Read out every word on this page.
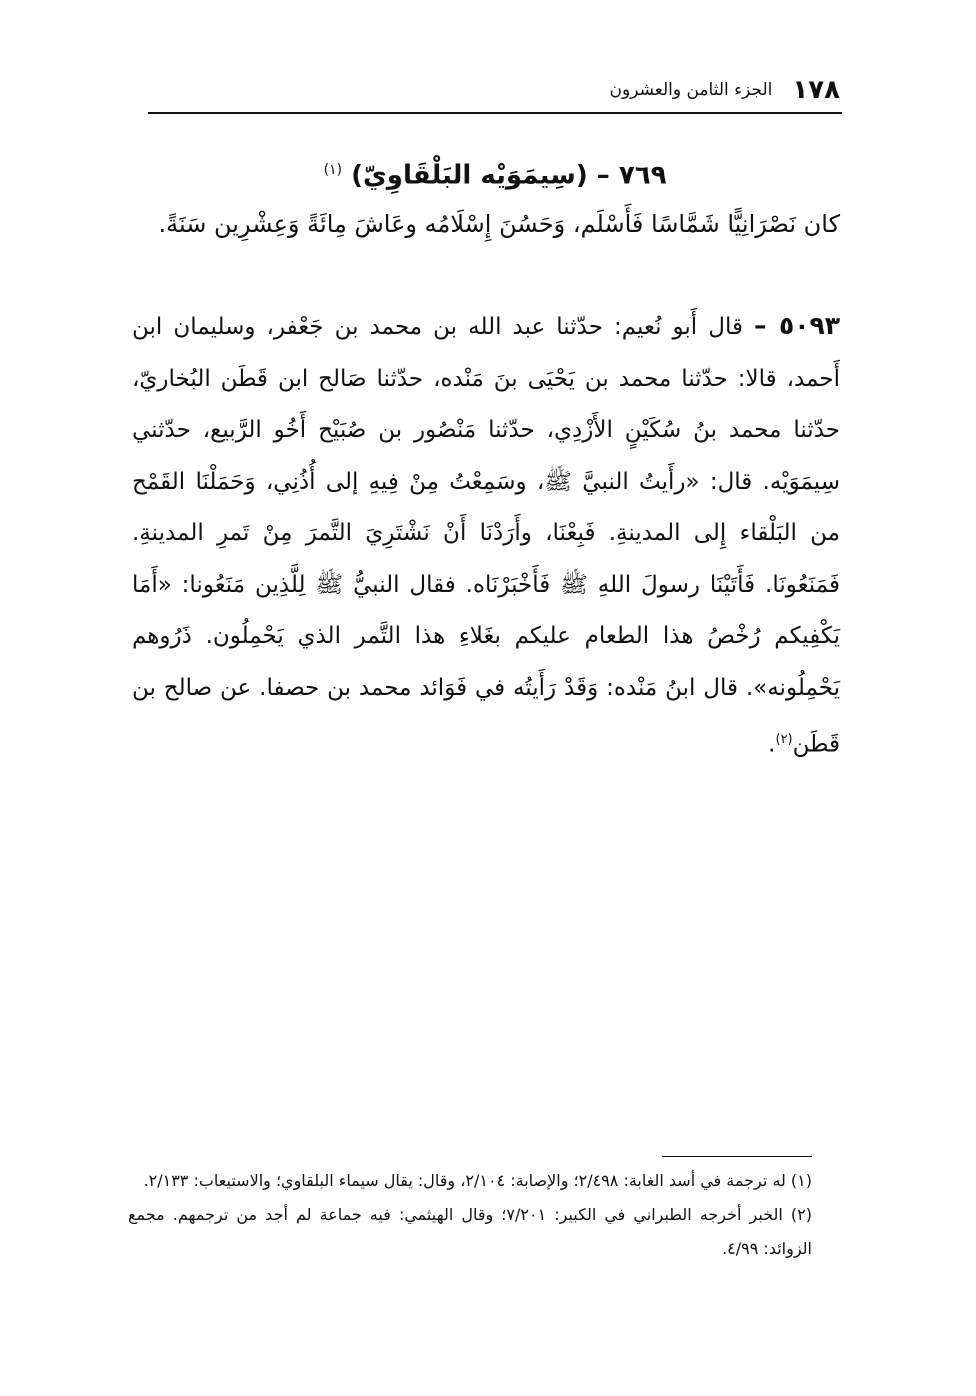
١٧٨
الجزء الثامن والعشرون
٧٦٩ – (سِيمَوَيْه البَلْقَاوِيّ) $^{(١)}$

كان نَصْرَانِيًّا شَمَّاسًا فَأَسْلَم، وَحَسُنَ إِسْلَامُه وعَاشَ مِائَةً وَعِشْرِين سَنَةً.

٥٠٩٣ – قال أَبو نُعيم: حدّثنا عبد الله بن محمد بن جَعْفر، وسليمان ابن أَحمد، قالا: حدّثنا محمد بن يَحْيَى بنَ مَنْده، حدّثنا صَالح ابن قَطَن البُخاريّ، حدّثنا محمد بنُ سُكَيْنٍ الأَزْدِي، حدّثنا مَنْصُور بن صُبَيْح أَخُو الرَّبيع، حدّثني سِيمَوَيْه. قال: «رأَيتُ النبيَّ ﷺ، وسَمِعْتُ مِنْ فِيهِ إلى أُذُنِي، وَحَمَلْنَا القَمْح من البَلْقاء إِلى المدينةِ. فَبِعْنَا، وأَرَدْنَا أَنْ نَشْتَرِيَ التَّمرَ مِنْ تَمرِ المدينةِ. فَمَنَعُونَا. فَأَتَيْنَا رسولَ اللهِ ﷺ فَأَخْبَرْنَاه. فقال النبيُّ ﷺ لِلَّذِين مَنَعُونا: «أَمَا يَكْفِيكم رُخْصُ هذا الطعام عليكم بغَلاءِ هذا التَّمر الذي يَحْمِلُون. ذَرُوهم يَحْمِلُونه». قال ابنُ مَنْده: وَقَدْ رَأَيتُه في فَوَائد محمد بن حصفا. عن صالح بن قَطَن$^{(٢)}$.

(١) له ترجمة في أسد الغابة: ٢/٤٩٨؛ والإصابة: ٢/١٠٤، وقال: يقال سيماء البلقاوي؛ والاستيعاب: ٢/١٣٣.

(٢) الخبر أخرجه الطبراني في الكبير: ٧/٢٠١؛ وقال الهيثمي: فيه جماعة لم أجد من ترجمهم. مجمع الزوائد: ٤/٩٩.
